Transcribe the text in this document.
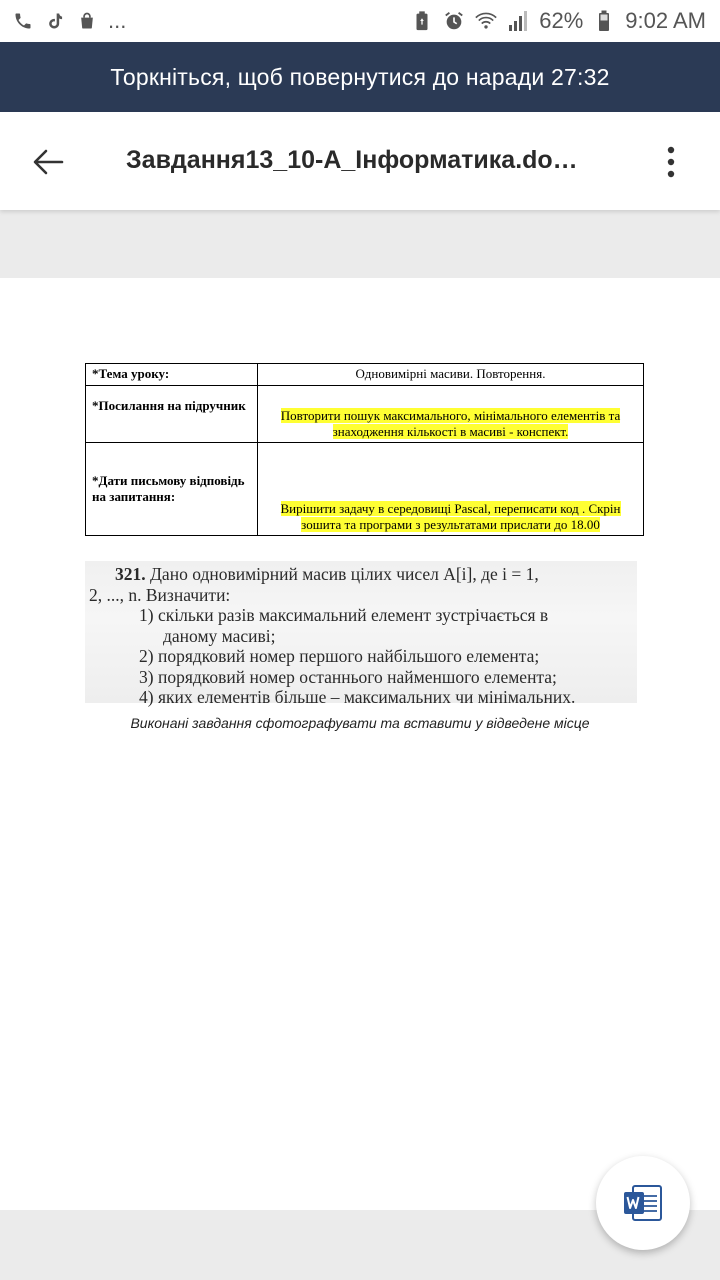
...	62% 9:02 AM
Торкніться, щоб повернутися до наради 27:32
Завдання13_10-А_Інформатика.do…
*Тема уроку:	Одновимірні масиви. Повторення.
*Посилання на підручник	Повторити пошук максимального, мінімального елементів та знаходження кількості в масиві - конспект.
*Дати письмову відповідь на запитання:	Вирішити задачу в середовищі Pascal, переписати код . Скрін зошита та програми з результатами прислати до 18.00
321. Дано одновимірний масив цілих чисел A[i], де i = 1,
2, ..., n. Визначити:
1) скільки разів максимальний елемент зустрічається в
даному масиві;
2) порядковий номер першого найбільшого елемента;
3) порядковий номер останнього найменшого елемента;
4) яких елементів більше – максимальних чи мінімальних.
Виконані завдання сфотографувати та вставити у відведене місце
